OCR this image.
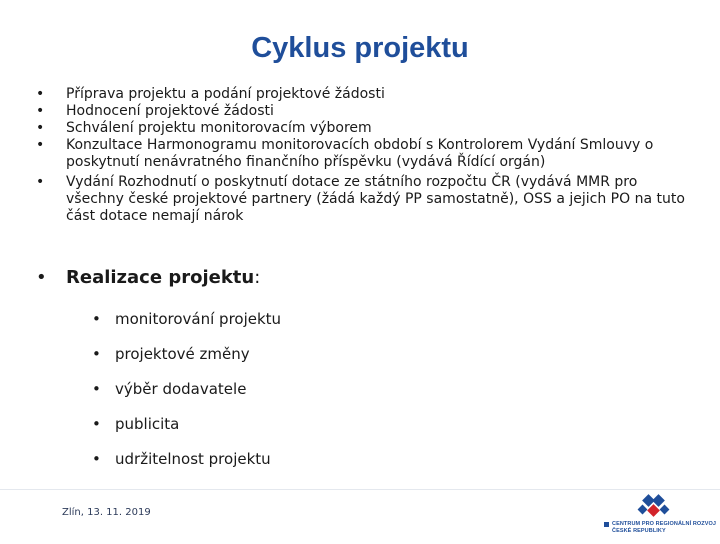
Cyklus projektu
• Příprava projektu a podání projektové žádosti
• Hodnocení projektové žádosti
• Schválení projektu monitorovacím výborem
• Konzultace Harmonogramu monitorovacích období s Kontrolorem Vydání Smlouvy o poskytnutí nenávratného finančního příspěvku (vydává Řídící orgán)
• Vydání Rozhodnutí o poskytnutí dotace ze státního rozpočtu ČR (vydává MMR pro všechny české projektové partnery (žádá každý PP samostatně), OSS a jejich PO na tuto část dotace nemají nárok
• Realizace projektu:
• monitorování projektu
• projektové změny
• výběr dodavatele
• publicita
• udržitelnost projektu
Zlín, 13. 11. 2019
CENTRUM PRO REGIONÁLNÍ ROZVOJ
ČESKÉ REPUBLIKY
